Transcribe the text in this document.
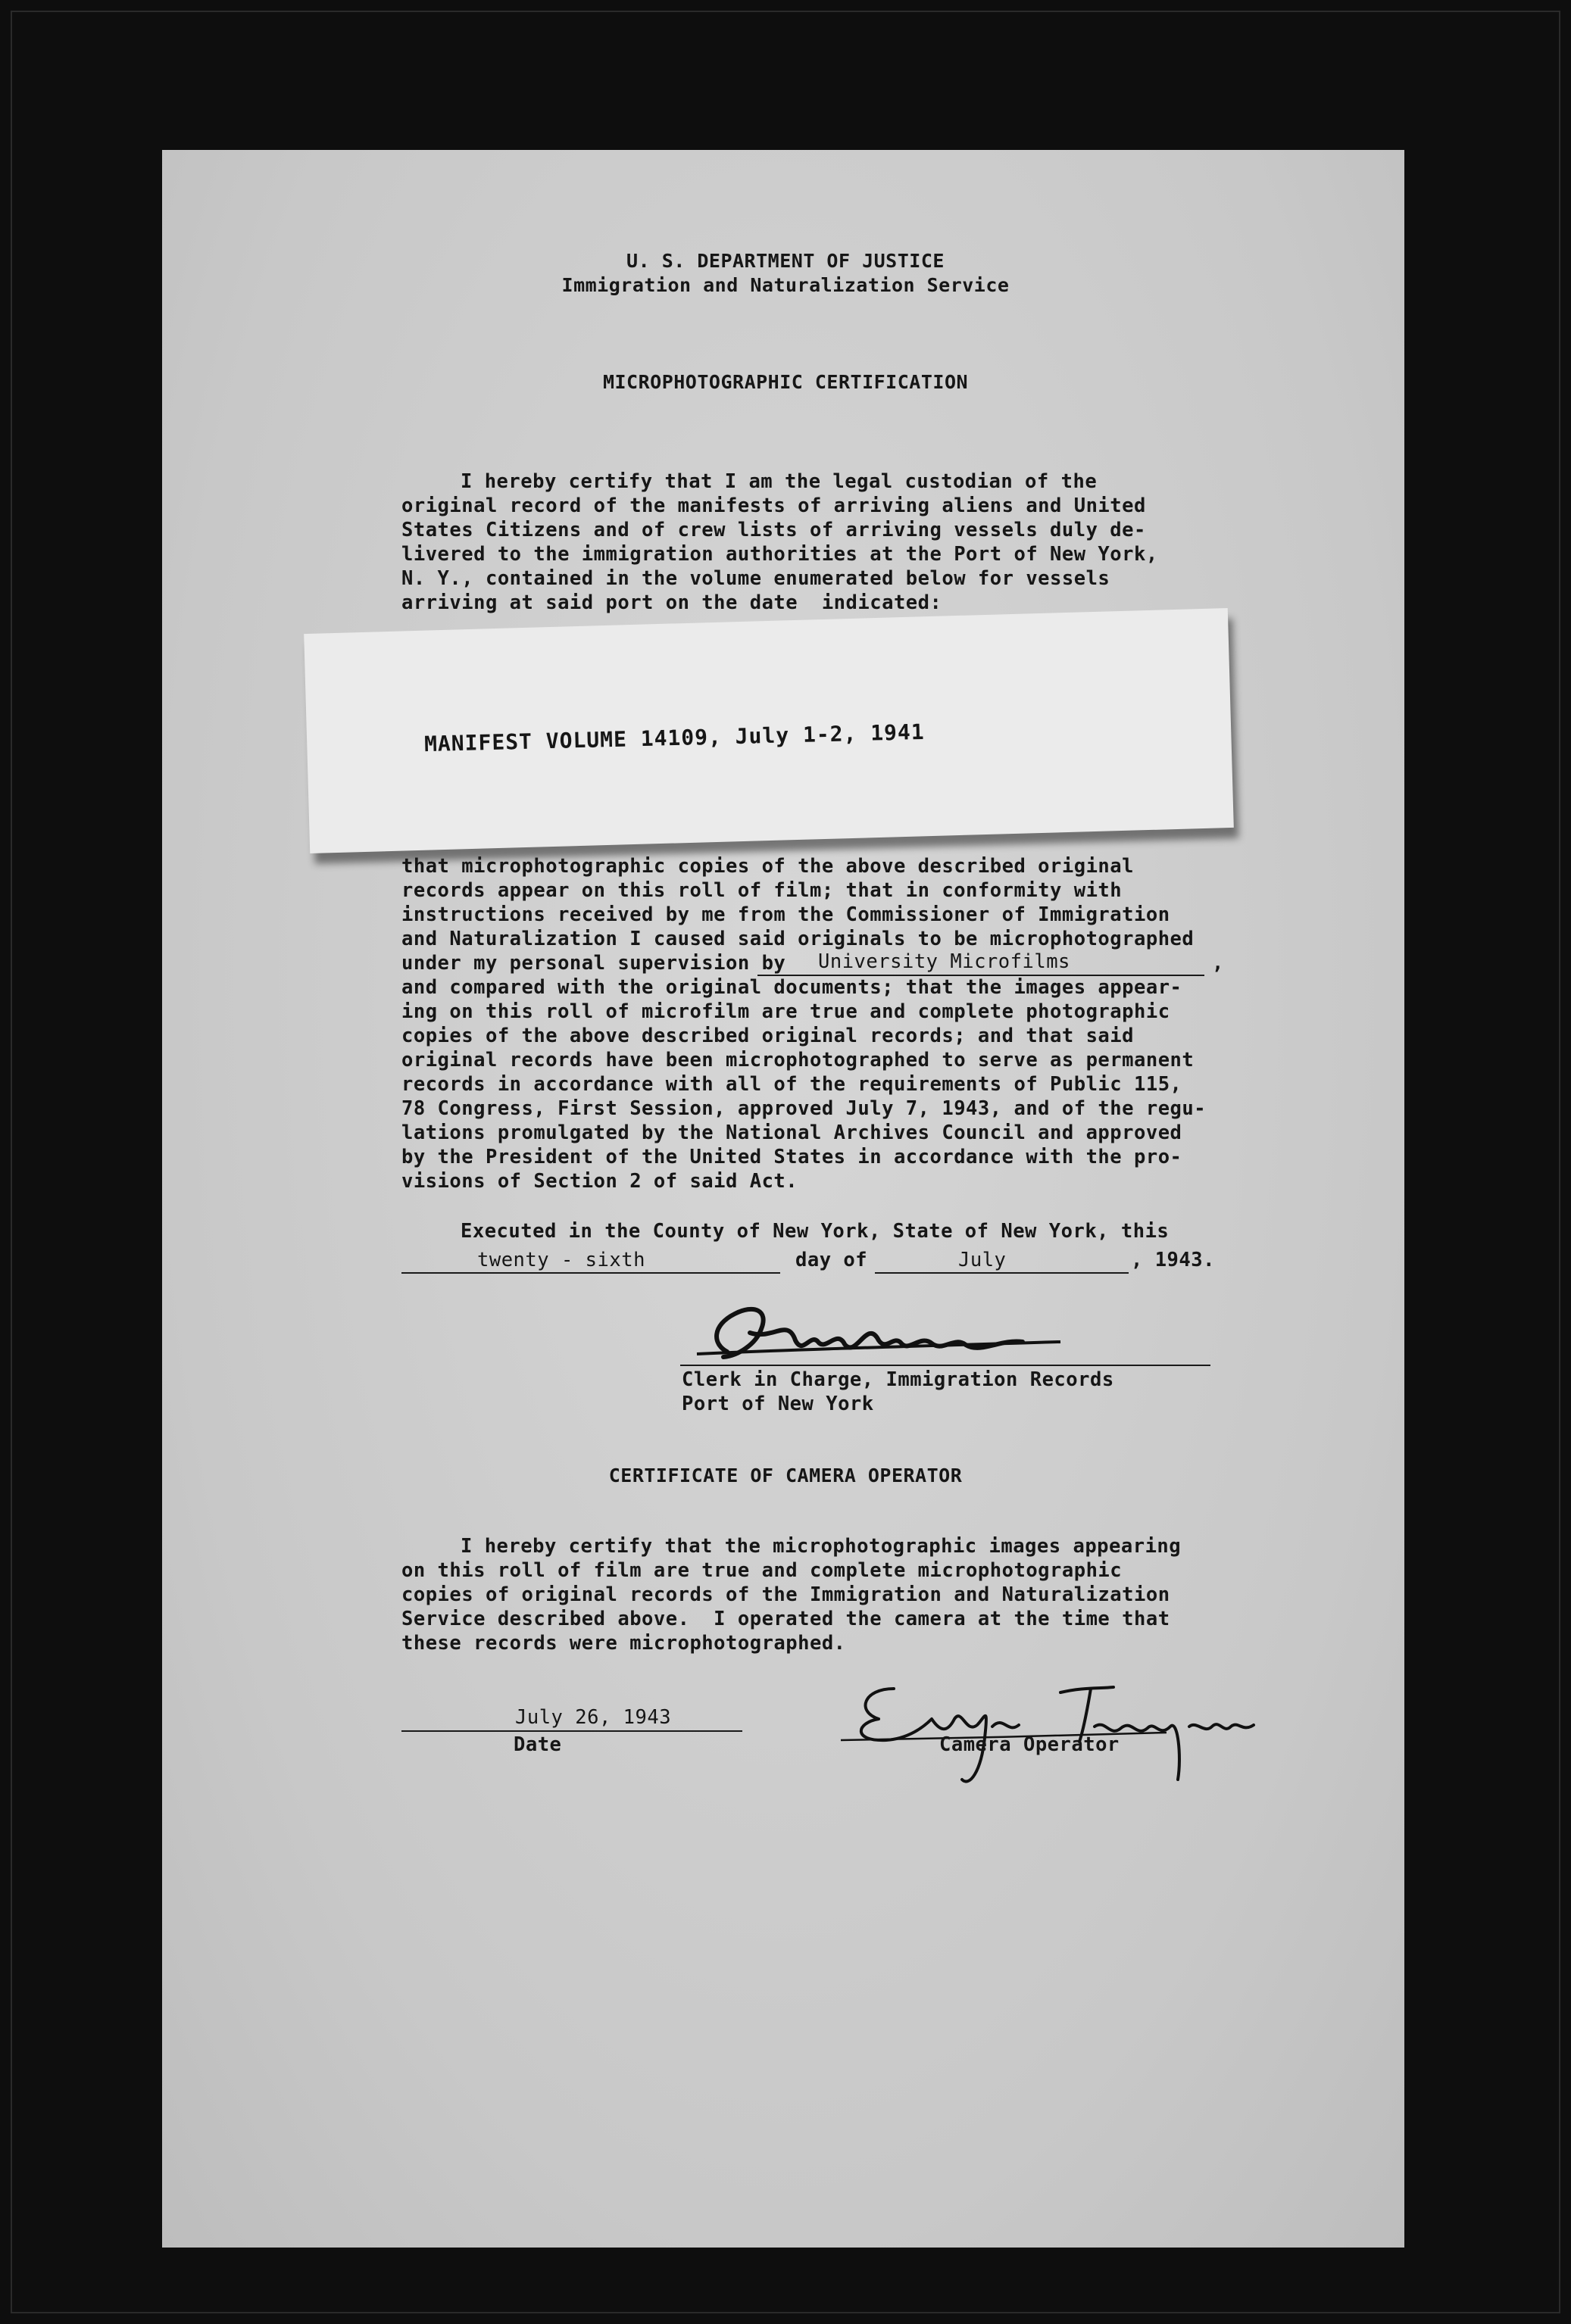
U. S. DEPARTMENT OF JUSTICE
Immigration and Naturalization Service
MICROPHOTOGRAPHIC CERTIFICATION
I hereby certify that I am the legal custodian of the
original record of the manifests of arriving aliens and United
States Citizens and of crew lists of arriving vessels duly de-
livered to the immigration authorities at the Port of New York,
N. Y., contained in the volume enumerated below for vessels
arriving at said port on the date  indicated:
MANIFEST VOLUME 14109, July 1-2, 1941
that microphotographic copies of the above described original
records appear on this roll of film; that in conformity with
instructions received by me from the Commissioner of Immigration
and Naturalization I caused said originals to be microphotographed
under my personal supervision by University Microfilms	,
and compared with the original documents; that the images appear-
ing on this roll of microfilm are true and complete photographic
copies of the above described original records; and that said
original records have been microphotographed to serve as permanent
records in accordance with all of the requirements of Public 115,
78 Congress, First Session, approved July 7, 1943, and of the regu-
lations promulgated by the National Archives Council and approved
by the President of the United States in accordance with the pro-
visions of Section 2 of said Act.
Executed in the County of New York, State of New York, this
twenty - sixth	day of	July	, 1943.
Clerk in Charge, Immigration Records
Port of New York
CERTIFICATE OF CAMERA OPERATOR
I hereby certify that the microphotographic images appearing
on this roll of film are true and complete microphotographic
copies of original records of the Immigration and Naturalization
Service described above.  I operated the camera at the time that
these records were microphotographed.
July 26, 1943
Date	Camera Operator
